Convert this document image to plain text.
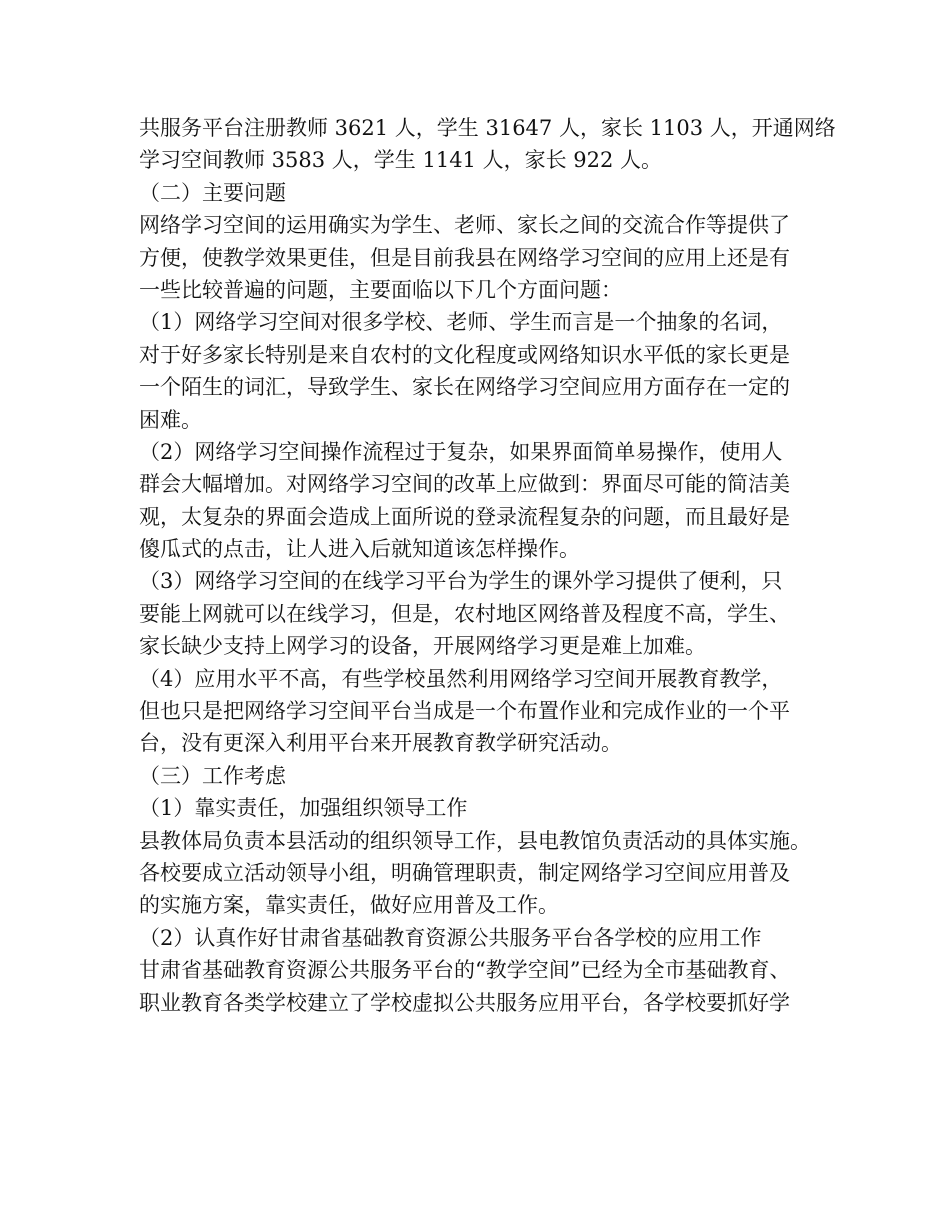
共服务平台注册教师 3621 人，学生 31647 人，家长 1103 人，开通网络
学习空间教师 3583 人，学生 1141 人，家长 922 人。
（二）主要问题
网络学习空间的运用确实为学生、老师、家长之间的交流合作等提供了
方便，使教学效果更佳，但是目前我县在网络学习空间的应用上还是有
一些比较普遍的问题，主要面临以下几个方面问题：
（1）网络学习空间对很多学校、老师、学生而言是一个抽象的名词，
对于好多家长特别是来自农村的文化程度或网络知识水平低的家长更是
一个陌生的词汇，导致学生、家长在网络学习空间应用方面存在一定的
困难。
（2）网络学习空间操作流程过于复杂，如果界面简单易操作，使用人
群会大幅增加。对网络学习空间的改革上应做到：界面尽可能的简洁美
观，太复杂的界面会造成上面所说的登录流程复杂的问题，而且最好是
傻瓜式的点击，让人进入后就知道该怎样操作。
（3）网络学习空间的在线学习平台为学生的课外学习提供了便利，只
要能上网就可以在线学习，但是，农村地区网络普及程度不高，学生、
家长缺少支持上网学习的设备，开展网络学习更是难上加难。
（4）应用水平不高，有些学校虽然利用网络学习空间开展教育教学，
但也只是把网络学习空间平台当成是一个布置作业和完成作业的一个平
台，没有更深入利用平台来开展教育教学研究活动。
（三）工作考虑
（1）靠实责任，加强组织领导工作
县教体局负责本县活动的组织领导工作，县电教馆负责活动的具体实施。
各校要成立活动领导小组，明确管理职责，制定网络学习空间应用普及
的实施方案，靠实责任，做好应用普及工作。
（2）认真作好甘肃省基础教育资源公共服务平台各学校的应用工作
甘肃省基础教育资源公共服务平台的“教学空间”已经为全市基础教育、
职业教育各类学校建立了学校虚拟公共服务应用平台，各学校要抓好学
